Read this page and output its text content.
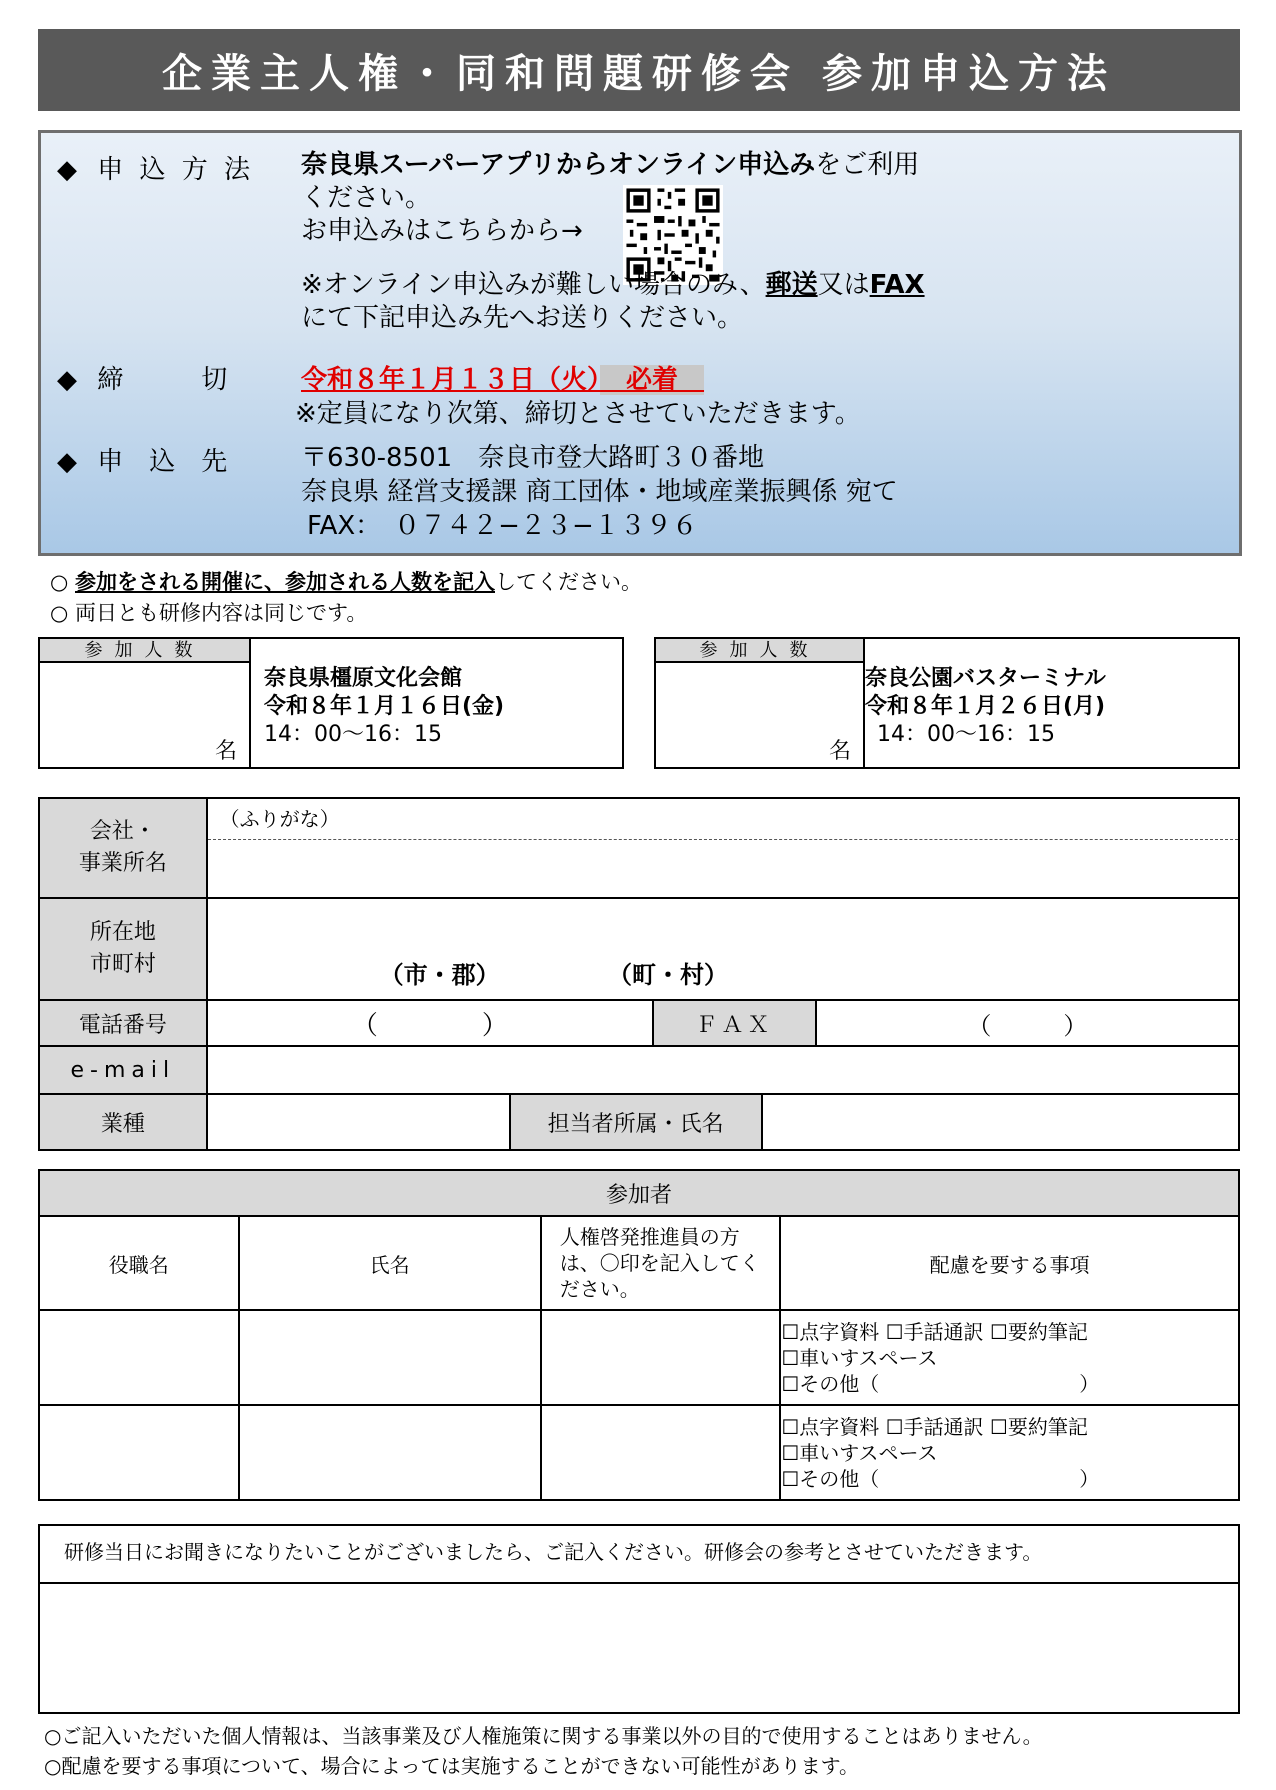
企業主人権・同和問題研修会 参加申込方法
◆ 申 込 方 法 奈良県スーパーアプリからオンライン申込みをご利用
ください。
お申込みはこちらから→
※オンライン申込みが難しい場合のみ、郵送又はFAX
にて下記申込み先へお送りください。
◆ 締　　　切	令和８年１月１３日（火）　必着　
※定員になり次第、締切とさせていただきます。
◆ 申　込　先	〒630-8501　奈良市登大路町３０番地
奈良県 経営支援課 商工団体・地域産業振興係 宛て
FAX：　０７４２−２３−１３９６
○ 参加をされる開催に、参加される人数を記入してください。
○ 両日とも研修内容は同じです。
参加人数
名
奈良県橿原文化会館
令和８年１月１６日(金)
14：00〜16：15
参加人数
名
奈良公園バスターミナル
令和８年１月２６日(月)
14：00〜16：15
会社・
事業所名	（ふりがな）		

所在地
市町村	（市・郡） （町・村）		

電話番号	（　　　　）	ＦＡＸ	（　　　）
e-mail			
業種	担当者所属・氏名		
参加者			
役職名	氏名	人権啓発推進員の方は、〇印を記入してください。	配慮を要する事項

			☐点字資料 ☐手話通訳 ☐要約筆記
☐車いすスペース
☐その他（　　　　　　　　　　）

			☐点字資料 ☐手話通訳 ☐要約筆記
☐車いすスペース
☐その他（　　　　　　　　　　）
研修当日にお聞きになりたいことがございましたら、ご記入ください。研修会の参考とさせていただきます。
○ご記入いただいた個人情報は、当該事業及び人権施策に関する事業以外の目的で使用することはありません。
○配慮を要する事項について、場合によっては実施することができない可能性があります。
